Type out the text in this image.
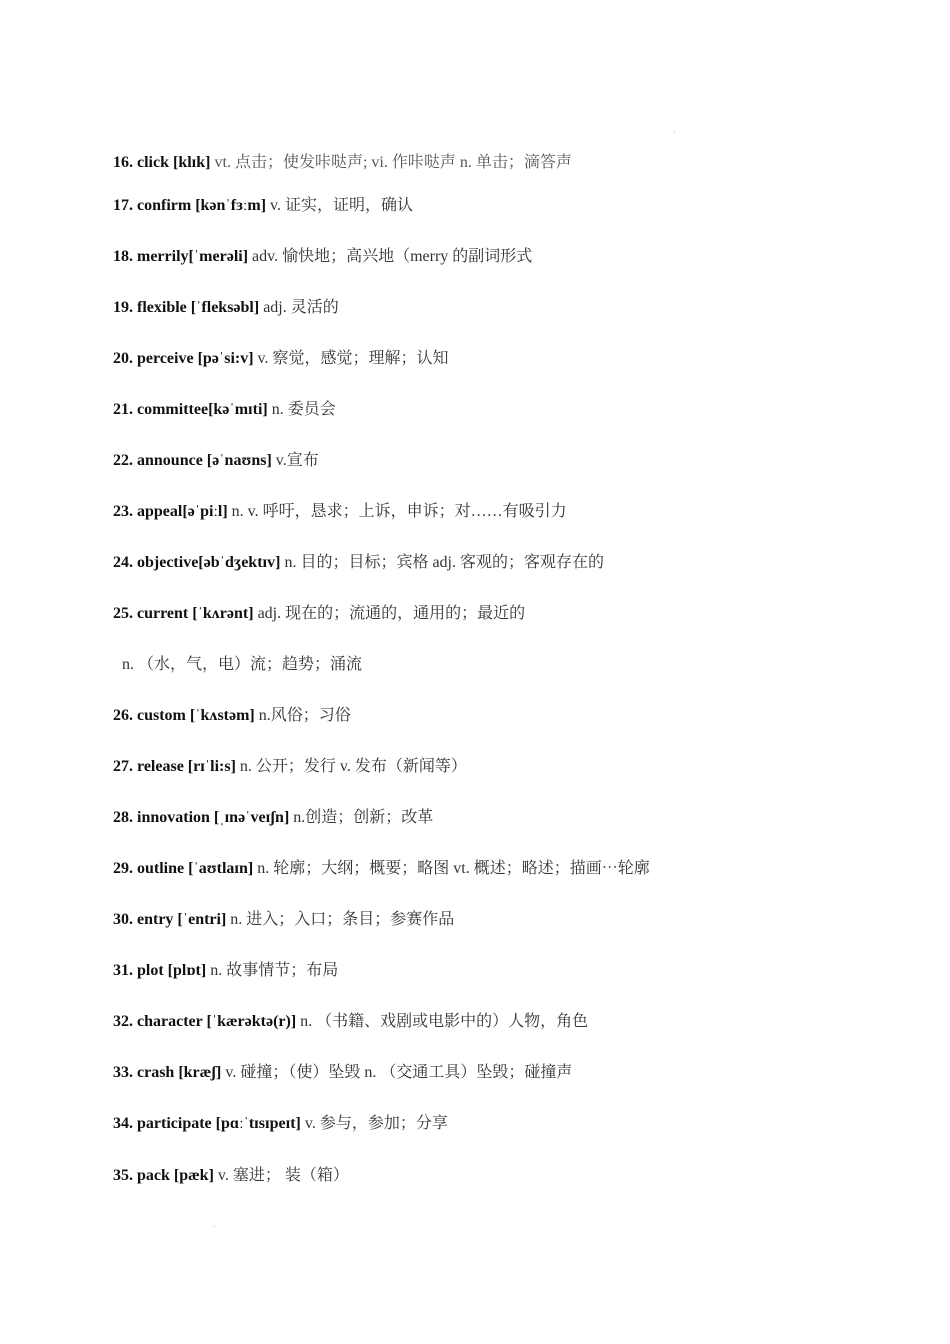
16. click [klɪk] vt. 点击；使发咔哒声; vi. 作咔哒声 n. 单击；滴答声
17. confirm [kənˈfɜːm] v. 证实，证明，确认
18. merrily[ˈmerəli] adv. 愉快地；高兴地（merry 的副词形式
19. flexible [ˈfleksəbl] adj. 灵活的
20. perceive [pəˈsi:v] v. 察觉，感觉；理解；认知
21. committee[kəˈmɪti] n. 委员会
22. announce [əˈnaʊns] v.宣布
23. appeal[əˈpiːl] n. v. 呼吁，恳求；上诉，申诉；对……有吸引力
24. objective[əbˈdʒektɪv] n. 目的；目标；宾格 adj. 客观的；客观存在的
25. current [ˈkʌrənt] adj. 现在的；流通的，通用的；最近的
n. （水，气，电）流；趋势；涌流
26. custom [ˈkʌstəm] n.风俗；习俗
27. release [rɪˈli:s] n. 公开；发行 v. 发布（新闻等）
28. innovation [ˌɪnəˈveɪʃn] n.创造；创新；改革
29. outline [ˈaʊtlaɪn] n. 轮廓；大纲；概要；略图 vt. 概述；略述；描画⋯轮廓
30. entry [ˈentri] n. 进入；入口；条目；参赛作品
31. plot [plɒt] n. 故事情节；布局
32. character [ˈkærəktə(r)] n. （书籍、戏剧或电影中的）人物，角色
33. crash [kræʃ] v. 碰撞；（使）坠毁 n. （交通工具）坠毁；碰撞声
34. participate [pɑːˈtɪsɪpeɪt] v. 参与，参加；分享
35. pack [pæk] v. 塞进； 装（箱）
